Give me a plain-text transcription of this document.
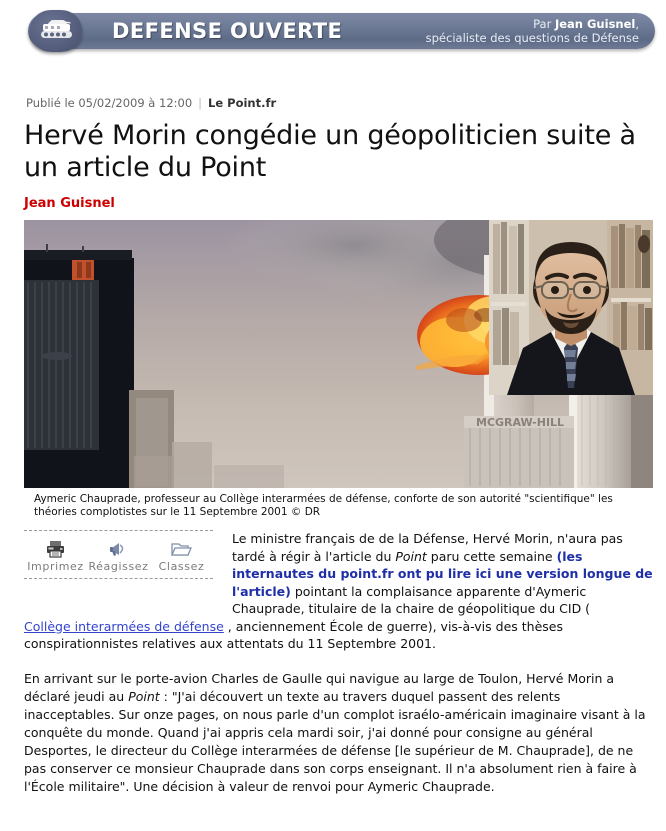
DEFENSE OUVERTE	Par Jean Guisnel,
spécialiste des questions de Défense
Publié le 05/02/2009 à 12:00 | Le Point.fr
Hervé Morin congédie un géopoliticien suite à un article du Point
Jean Guisnel
MCGRAW-HILL
Aymeric Chauprade, professeur au Collège interarmées de défense, conforte de son autorité "scientifique" les théories complotistes sur le 11 Septembre 2001 © DR
Imprimez Réagissez Classez
Le ministre français de de la Défense, Hervé Morin, n'aura pas tardé à régir à l'article du Point paru cette semaine (les internautes du point.fr ont pu lire ici une version longue de l'article) pointant la complaisance apparente d'Aymeric Chauprade, titulaire de la chaire de géopolitique du CID (
Collège interarmées de défense , anciennement École de guerre), vis-à-vis des thèses conspirationnistes relatives aux attentats du 11 Septembre 2001.
En arrivant sur le porte-avion Charles de Gaulle qui navigue au large de Toulon, Hervé Morin a déclaré jeudi au Point : "J'ai découvert un texte au travers duquel passent des relents inacceptables. Sur onze pages, on nous parle d'un complot israélo-américain imaginaire visant à la conquête du monde. Quand j'ai appris cela mardi soir, j'ai donné pour consigne au général Desportes, le directeur du Collège interarmées de défense [le supérieur de M. Chauprade], de ne pas conserver ce monsieur Chauprade dans son corps enseignant. Il n'a absolument rien à faire à l'École militaire". Une décision à valeur de renvoi pour Aymeric Chauprade.
